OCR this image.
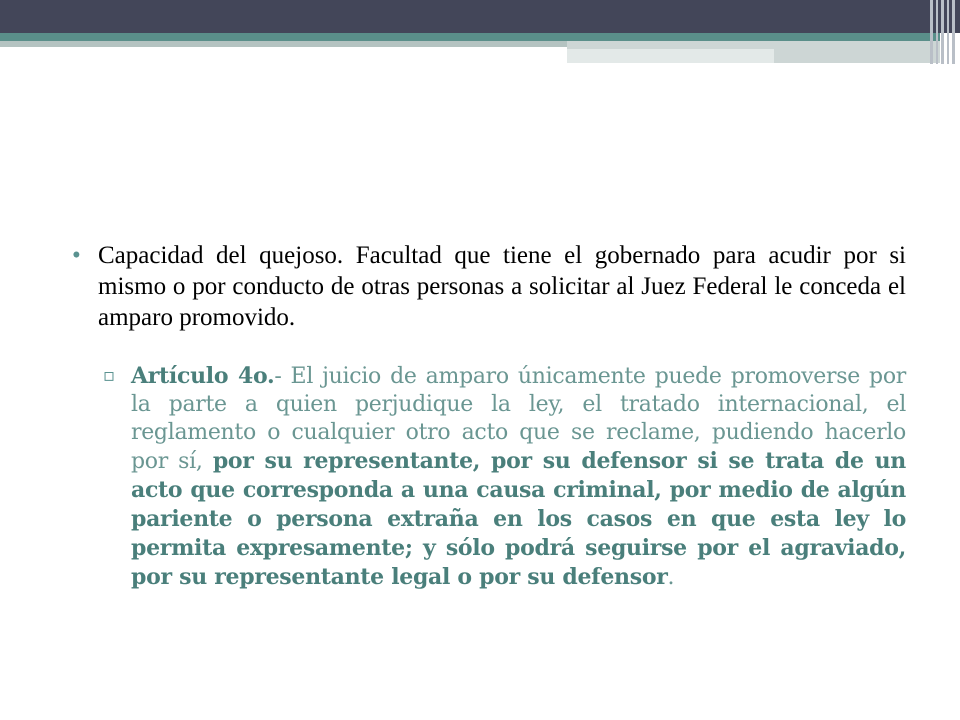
• Capacidad del quejoso. Facultad que tiene el gobernado para acudir por si mismo o por conducto de otras personas a solicitar al Juez Federal le conceda el amparo promovido.
▫ Artículo 4o.- El juicio de amparo únicamente puede promoverse por la parte a quien perjudique la ley, el tratado internacional, el reglamento o cualquier otro acto que se reclame, pudiendo hacerlo por sí, por su representante, por su defensor si se trata de un acto que corresponda a una causa criminal, por medio de algún pariente o persona extraña en los casos en que esta ley lo permita expresamente; y sólo podrá seguirse por el agraviado, por su representante legal o por su defensor.
